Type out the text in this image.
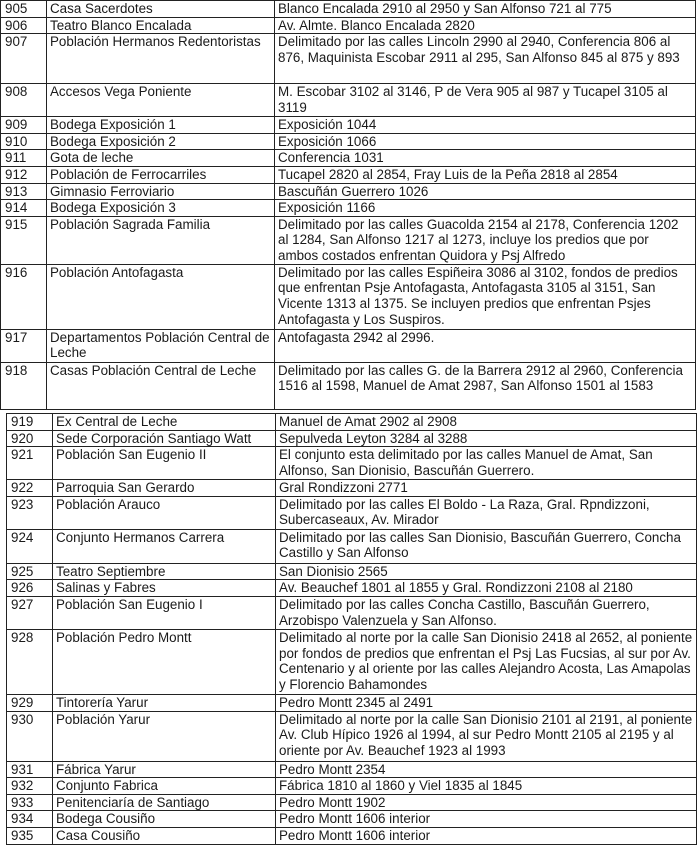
905	Casa Sacerdotes	Blanco Encalada 2910 al 2950 y San Alfonso 721 al 775
906	Teatro Blanco Encalada	Av. Almte. Blanco Encalada 2820
907	Población Hermanos Redentoristas	Delimitado por las calles Lincoln 2990 al 2940, Conferencia 806 al 876, Maquinista Escobar 2911 al 295, San Alfonso 845 al 875 y 893
908	Accesos Vega Poniente	M. Escobar 3102 al 3146, P de Vera 905 al 987 y Tucapel 3105 al 3119
909	Bodega Exposición 1	Exposición 1044
910	Bodega Exposición 2	Exposición 1066
911	Gota de leche	Conferencia 1031
912	Población de Ferrocarriles	Tucapel 2820 al 2854, Fray Luis de la Peña 2818 al 2854
913	Gimnasio Ferroviario	Bascuñán Guerrero 1026
914	Bodega Exposición 3	Exposición 1166
915	Población Sagrada Familia	Delimitado por las calles Guacolda 2154 al 2178, Conferencia 1202 al 1284, San Alfonso 1217 al 1273, incluye los predios que por ambos costados enfrentan Quidora y Psj Alfredo
916	Población Antofagasta	Delimitado por las calles Espiñeira 3086 al 3102, fondos de predios que enfrentan Psje Antofagasta, Antofagasta 3105 al 3151, San Vicente 1313 al 1375. Se incluyen predios que enfrentan Psjes Antofagasta y Los Suspiros.
917	Departamentos Población Central de Leche	Antofagasta 2942 al 2996.
918	Casas Población Central de Leche	Delimitado por las calles G. de la Barrera 2912 al 2960, Conferencia 1516 al 1598, Manuel de Amat 2987, San Alfonso 1501 al 1583
919	Ex Central de Leche	Manuel de Amat 2902 al 2908
920	Sede Corporación Santiago Watt	Sepulveda Leyton 3284 al 3288
921	Población San Eugenio II	El conjunto esta delimitado por las calles Manuel de Amat, San Alfonso, San Dionisio, Bascuñán Guerrero.
922	Parroquia San Gerardo	Gral Rondizzoni 2771
923	Población Arauco	Delimitado por las calles El Boldo - La Raza, Gral. Rpndizzoni, Subercaseaux, Av. Mirador
924	Conjunto Hermanos Carrera	Delimitado por las calles San Dionisio, Bascuñán Guerrero, Concha Castillo y San Alfonso
925	Teatro Septiembre	San Dionisio 2565
926	Salinas y Fabres	Av. Beauchef 1801 al 1855 y Gral. Rondizzoni 2108 al 2180
927	Población San Eugenio I	Delimitado por las calles Concha Castillo, Bascuñán Guerrero, Arzobispo Valenzuela y San Alfonso.
928	Población Pedro Montt	Delimitado al norte por la calle San Dionisio 2418 al 2652, al poniente por fondos de predios que enfrentan el Psj Las Fucsias, al sur por Av. Centenario y al oriente por las calles Alejandro Acosta, Las Amapolas y Florencio Bahamondes
929	Tintorería Yarur	Pedro Montt 2345 al 2491
930	Población Yarur	Delimitado al norte por la calle San Dionisio 2101 al 2191, al poniente Av. Club Hípico 1926 al 1994, al sur Pedro Montt 2105 al 2195 y al oriente por Av. Beauchef 1923 al 1993
931	Fábrica Yarur	Pedro Montt 2354
932	Conjunto Fabrica	Fábrica 1810 al 1860 y Viel 1835 al 1845
933	Penitenciaría de Santiago	Pedro Montt 1902
934	Bodega Cousiño	Pedro Montt 1606 interior
935	Casa Cousiño	Pedro Montt 1606 interior
